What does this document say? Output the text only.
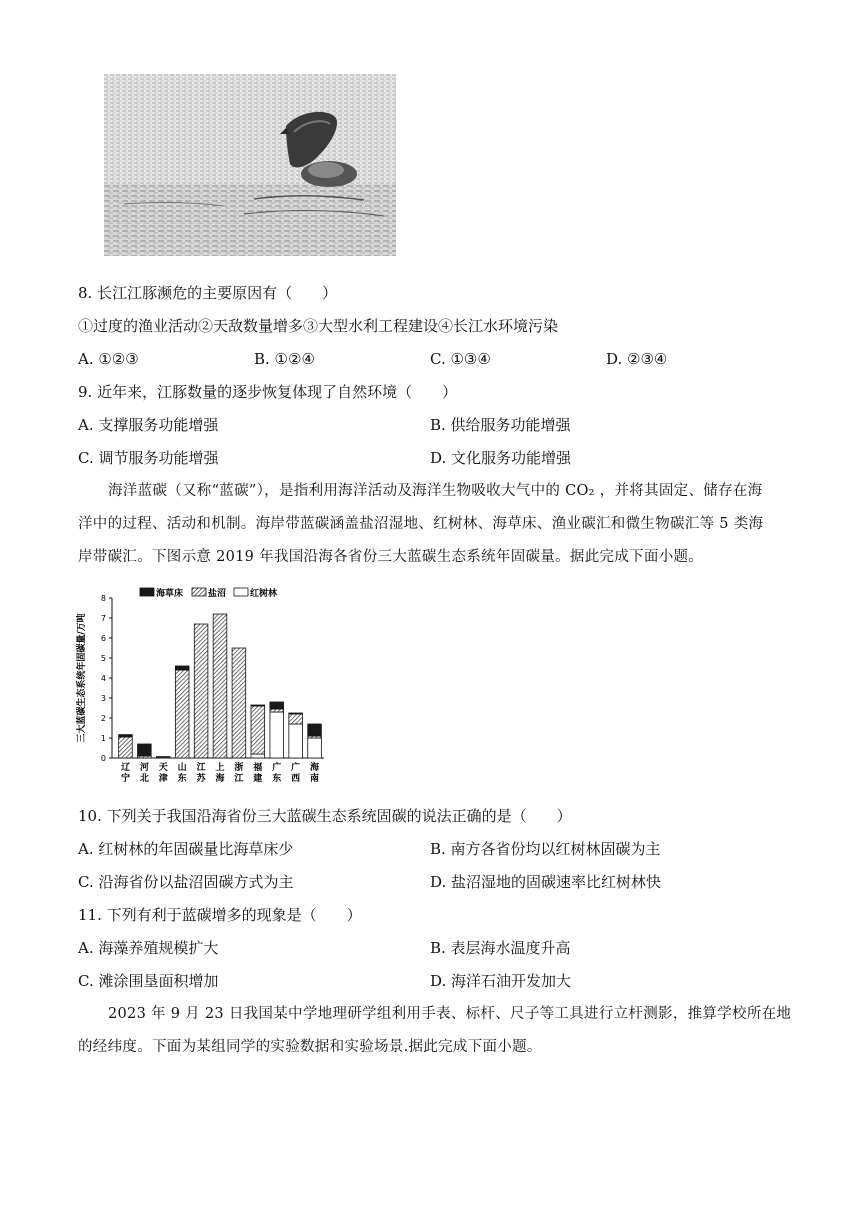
8. 长江江豚濒危的主要原因有（　　）
①过度的渔业活动②天敌数量增多③大型水利工程建设④长江水环境污染
A. ①②③	B. ①②④	C. ①③④	D. ②③④
9. 近年来，江豚数量的逐步恢复体现了自然环境（　　）
A. 支撑服务功能增强	B. 供给服务功能增强
C. 调节服务功能增强	D. 文化服务功能增强
海洋蓝碳（又称“蓝碳”），是指利用海洋活动及海洋生物吸收大气中的 CO₂ ，并将其固定、储存在海
洋中的过程、活动和机制。海岸带蓝碳涵盖盐沼湿地、红树林、海草床、渔业碳汇和微生物碳汇等 5 类海
岸带碳汇。下图示意 2019 年我国沿海各省份三大蓝碳生态系统年固碳量。据此完成下面小题。
0
1
2
3
4
5
6
7
8
三大蓝碳生态系统年固碳量/万吨
辽
宁
河
北
天
津
山
东
江
苏
上
海
浙
江
福
建
广
东
广
西
海
南
海草床	盐沼	红树林
10. 下列关于我国沿海省份三大蓝碳生态系统固碳的说法正确的是（　　）
A. 红树林的年固碳量比海草床少	B. 南方各省份均以红树林固碳为主
C. 沿海省份以盐沼固碳方式为主	D. 盐沼湿地的固碳速率比红树林快
11. 下列有利于蓝碳增多的现象是（　　）
A. 海藻养殖规模扩大	B. 表层海水温度升高
C. 滩涂围垦面积增加	D. 海洋石油开发加大
2023 年 9 月 23 日我国某中学地理研学组利用手表、标杆、尺子等工具进行立杆测影，推算学校所在地
的经纬度。下面为某组同学的实验数据和实验场景.据此完成下面小题。
